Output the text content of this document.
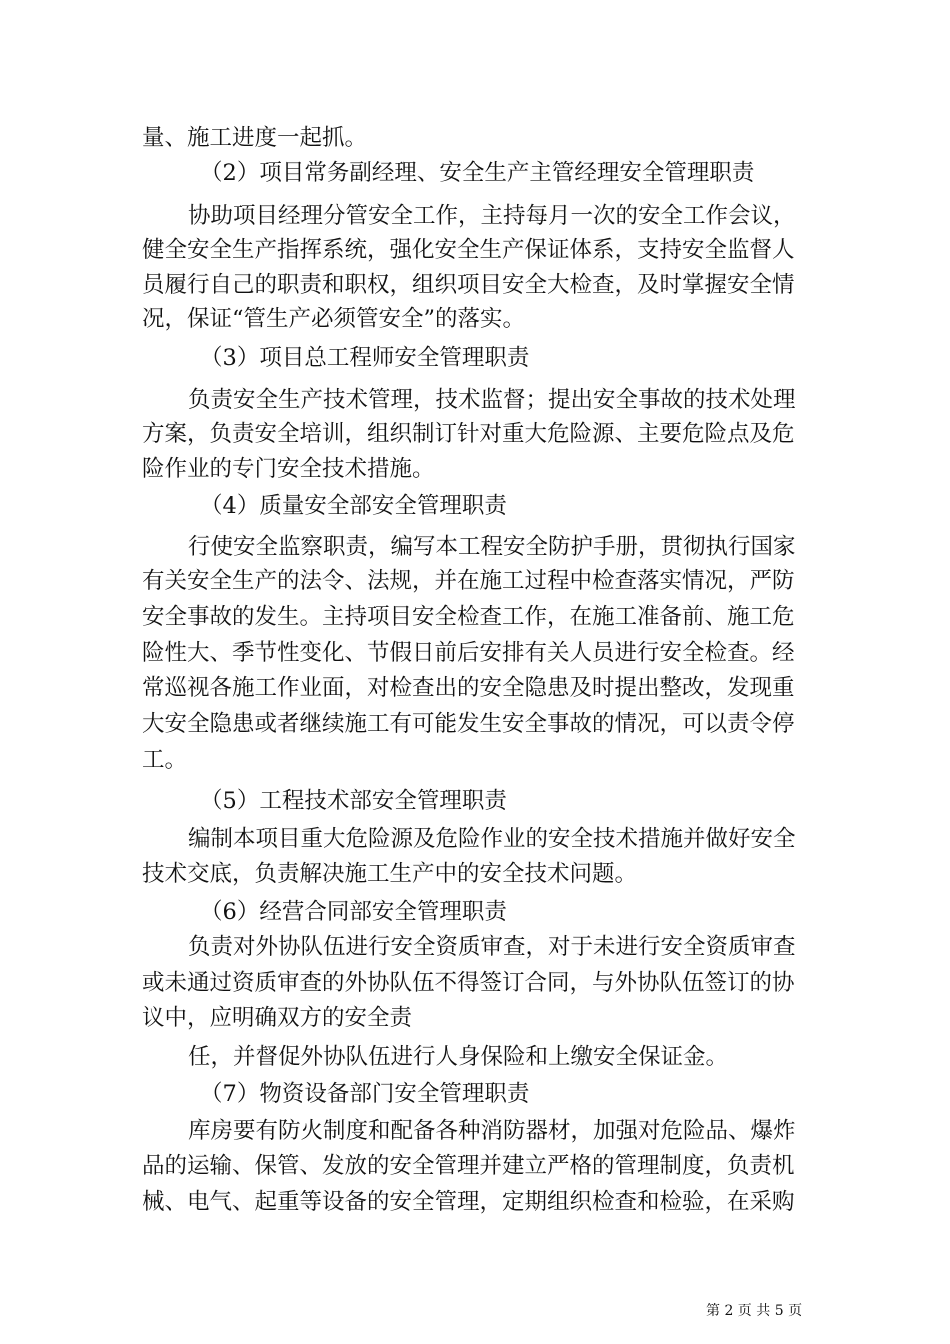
量、施工进度一起抓。
（2）项目常务副经理、安全生产主管经理安全管理职责
协助项目经理分管安全工作，主持每月一次的安全工作会议，
健全安全生产指挥系统，强化安全生产保证体系，支持安全监督人
员履行自己的职责和职权，组织项目安全大检查，及时掌握安全情
况，保证“管生产必须管安全”的落实。
（3）项目总工程师安全管理职责
负责安全生产技术管理，技术监督；提出安全事故的技术处理
方案，负责安全培训，组织制订针对重大危险源、主要危险点及危
险作业的专门安全技术措施。
（4）质量安全部安全管理职责
行使安全监察职责，编写本工程安全防护手册，贯彻执行国家
有关安全生产的法令、法规，并在施工过程中检查落实情况，严防
安全事故的发生。主持项目安全检查工作，在施工准备前、施工危
险性大、季节性变化、节假日前后安排有关人员进行安全检查。经
常巡视各施工作业面，对检查出的安全隐患及时提出整改，发现重
大安全隐患或者继续施工有可能发生安全事故的情况，可以责令停
工。
（5）工程技术部安全管理职责
编制本项目重大危险源及危险作业的安全技术措施并做好安全
技术交底，负责解决施工生产中的安全技术问题。
（6）经营合同部安全管理职责
负责对外协队伍进行安全资质审查，对于未进行安全资质审查
或未通过资质审查的外协队伍不得签订合同，与外协队伍签订的协
议中，应明确双方的安全责
任，并督促外协队伍进行人身保险和上缴安全保证金。
（7）物资设备部门安全管理职责
库房要有防火制度和配备各种消防器材，加强对危险品、爆炸
品的运输、保管、发放的安全管理并建立严格的管理制度，负责机
械、电气、起重等设备的安全管理，定期组织检查和检验，在采购
第 2 页 共 5 页
